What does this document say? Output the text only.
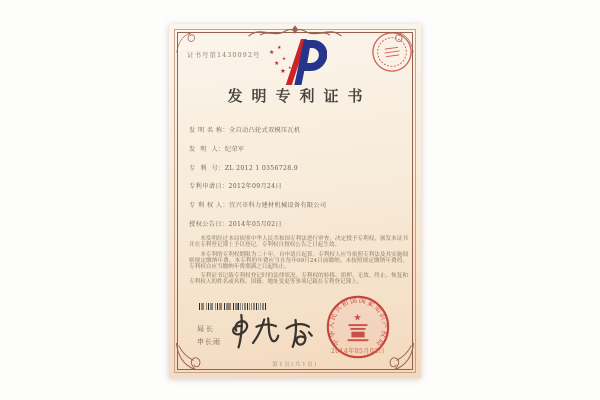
证书号第1430092号 ★
★
★
★
★ ★
发明专利证书
发 明 名 称：全自动凸轮式双模压瓦机
发  明  人：纪荣军
专  利  号：ZL 2012 1 0356728.9
专利申请日：2012年09月24日
专 利 权 人：宜兴市科力建材机械设备有限公司
授权公告日：2014年05月02日

本发明经过本局依照中华人民共和国专利法进行审查，决定授予专利权，颁发本证书并在专利登记簿上予以登记。专利权自授权公告之日起生效。

本专利的专利权期限为二十年，自申请日起算。专利权人应当依照专利法及其实施细则规定缴纳年费。本专利的年费应当在每年09月24日前缴纳。未按照规定缴纳年费的，专利权自应当缴纳年费期满之日起终止。

专利证书记载专利权登记时的法律状况。专利权的转移、质押、无效、终止、恢复和专利权人的姓名或名称、国籍、地址变更等事项记载在专利登记簿上。

局长
申长雨	中华人民共和国国家知识产权局
★
2014年05月02日
第1页(共1页)
